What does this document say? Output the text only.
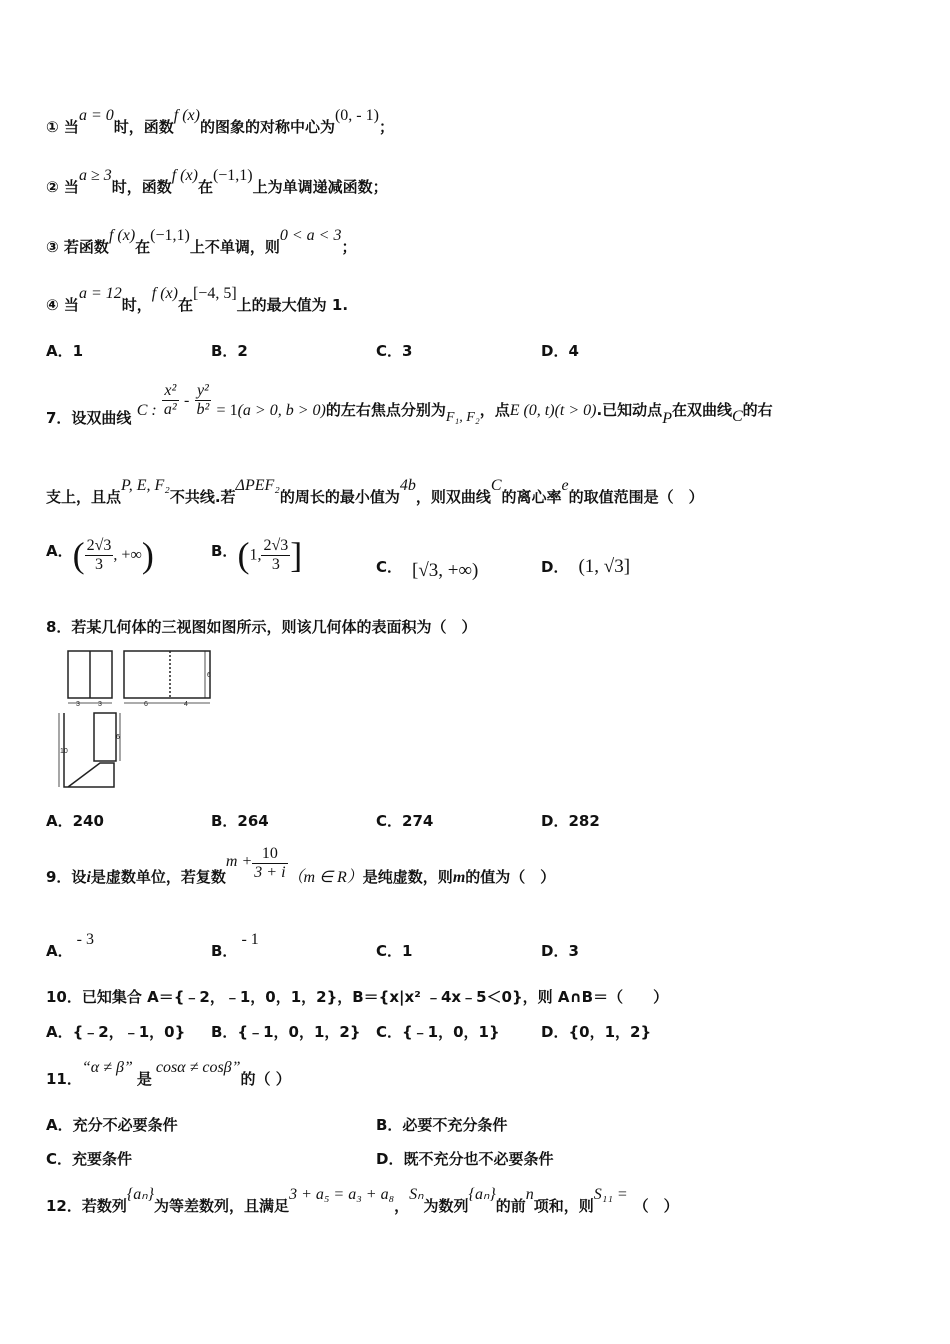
① 当a = 0时，函数f (x)的图象的对称中心为(0, - 1)；
② 当a ≥ 3时，函数f (x)在(−1,1)上为单调递减函数；
③ 若函数f (x)在(−1,1)上不单调，则0 < a < 3；
④ 当a = 12时，f (x)在[−4, 5]上的最大值为 1.
A．1	B．2	C．3	D．4
7．设双曲线 C : $\frac{\text{x²}}{\text{a²}} - \frac{\text{y²}}{\text{b²}} = 1(a > 0$, b > 0)的左右焦点分别为F₁, F₂，点E (0, t)(t > 0).已知动点P在双曲线C的右
支上，且点P, E, F₂不共线.若ΔPEF₂的周长的最小值为4b，则双曲线C的离心率e的取值范围是（　）
A．( $\frac{2√3}{3}$ , +∞)	B．(1, $\frac{2√3}{3}$ ]	C． [√3, +∞)	D． (1, √3]
8．若某几何体的三视图如图所示，则该几何体的表面积为（　）
3	3	6	4
6
10
6
A．240	B．264	C．274	D．282
9．设i是虚数单位，若复数$m + \frac{10}{3 + i} (m$ ∈ R）是纯虚数，则m的值为（　）
A．- 3
B．- 1
C．1	D．3
10．已知集合 A＝{﹣2，﹣1，0，1，2}，B＝{x|x² ﹣4x﹣5＜0}，则 A∩B＝（　　）
A．{﹣2，﹣1，0} B．{﹣1，0，1，2} C．{﹣1，0，1}	D．{0，1，2}
11．“α ≠ β”是cosα ≠ cosβ”的（ ）
A．充分不必要条件	B．必要不充分条件
C．充要条件	D．既不充分也不必要条件
12．若数列{aₙ}为等差数列，且满足3 + a₅ = a₃ + a₈，Sₙ为数列{aₙ}的前n项和，则S₁₁ =（　）
